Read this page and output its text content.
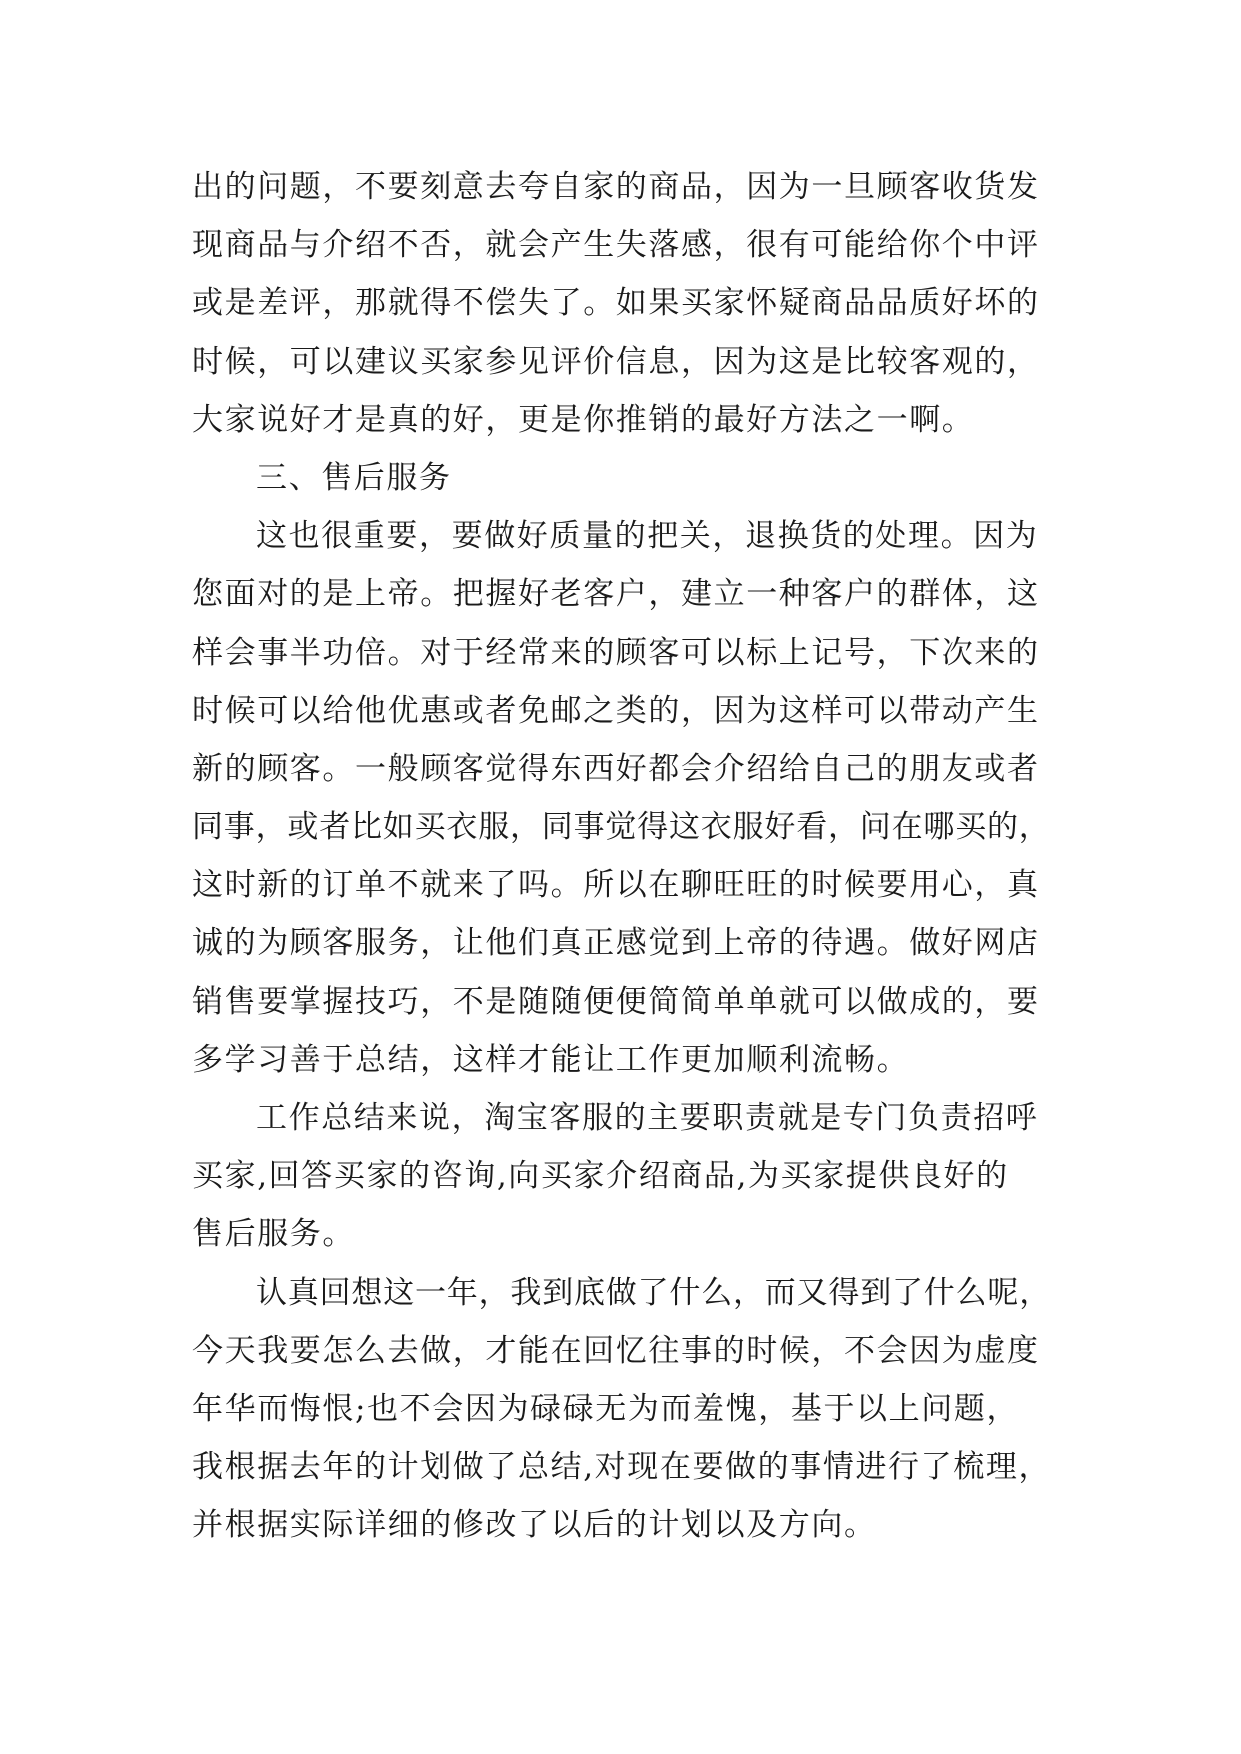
出的问题，不要刻意去夸自家的商品，因为一旦顾客收货发

现商品与介绍不否，就会产生失落感，很有可能给你个中评

或是差评，那就得不偿失了。如果买家怀疑商品品质好坏的

时候，可以建议买家参见评价信息，因为这是比较客观的，

大家说好才是真的好，更是你推销的最好方法之一啊。

三、售后服务

这也很重要，要做好质量的把关，退换货的处理。因为

您面对的是上帝。把握好老客户，建立一种客户的群体，这

样会事半功倍。对于经常来的顾客可以标上记号，下次来的

时候可以给他优惠或者免邮之类的，因为这样可以带动产生

新的顾客。一般顾客觉得东西好都会介绍给自己的朋友或者

同事，或者比如买衣服，同事觉得这衣服好看，问在哪买的，

这时新的订单不就来了吗。所以在聊旺旺的时候要用心，真

诚的为顾客服务，让他们真正感觉到上帝的待遇。做好网店

销售要掌握技巧，不是随随便便简简单单就可以做成的，要

多学习善于总结，这样才能让工作更加顺利流畅。

工作总结来说，淘宝客服的主要职责就是专门负责招呼

买家,回答买家的咨询,向买家介绍商品,为买家提供良好的

售后服务。

认真回想这一年，我到底做了什么，而又得到了什么呢，

今天我要怎么去做，才能在回忆往事的时候，不会因为虚度

年华而悔恨;也不会因为碌碌无为而羞愧，基于以上问题，

我根据去年的计划做了总结,对现在要做的事情进行了梳理，

并根据实际详细的修改了以后的计划以及方向。
